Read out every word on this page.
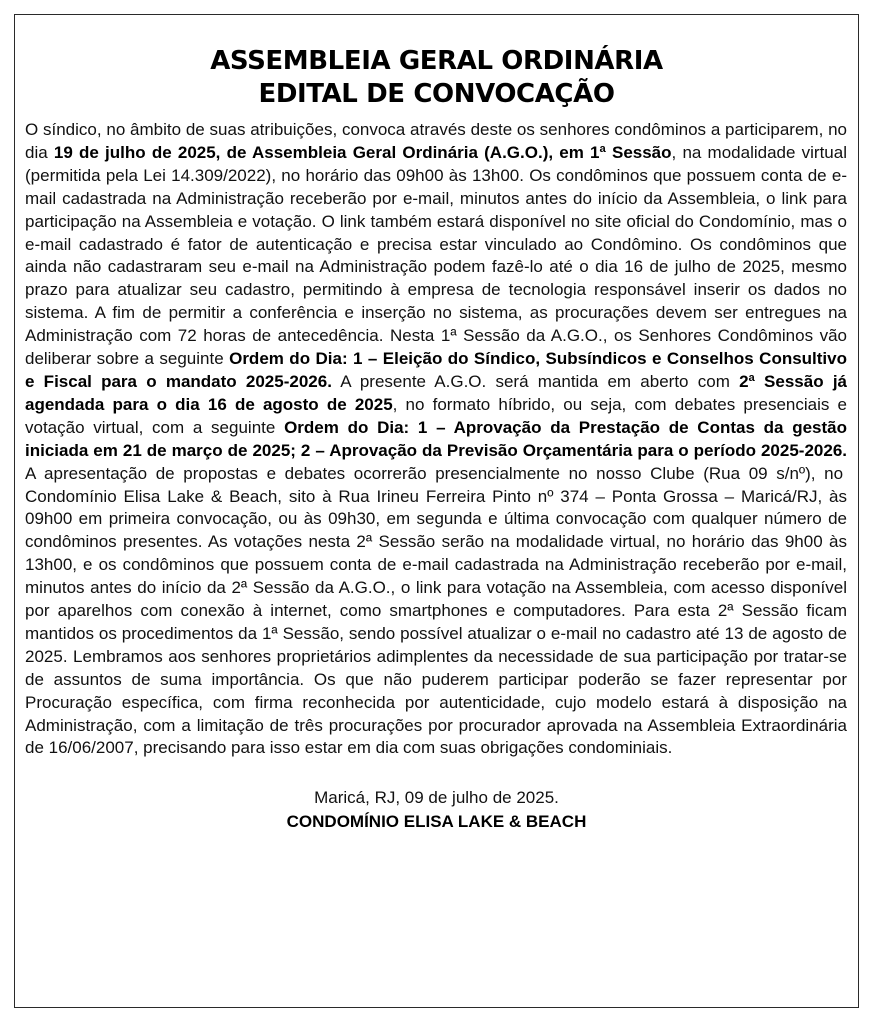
ASSEMBLEIA GERAL ORDINÁRIA
EDITAL DE CONVOCAÇÃO
O síndico, no âmbito de suas atribuições, convoca através deste os senhores condôminos a participarem, no dia 19 de julho de 2025, de Assembleia Geral Ordinária (A.G.O.), em 1ª Sessão, na modalidade virtual (permitida pela Lei 14.309/2022), no horário das 09h00 às 13h00. Os condôminos que possuem conta de e-mail cadastrada na Administração receberão por e-mail, minutos antes do início da Assembleia, o link para participação na Assembleia e votação. O link também estará disponível no site oficial do Condomínio, mas o e-mail cadastrado é fator de autenticação e precisa estar vinculado ao Condômino. Os condôminos que ainda não cadastraram seu e-mail na Administração podem fazê-lo até o dia 16 de julho de 2025, mesmo prazo para atualizar seu cadastro, permitindo à empresa de tecnologia responsável inserir os dados no sistema. A fim de permitir a conferência e inserção no sistema, as procurações devem ser entregues na Administração com 72 horas de antecedência. Nesta 1ª Sessão da A.G.O., os Senhores Condôminos vão deliberar sobre a seguinte Ordem do Dia: 1 – Eleição do Síndico, Subsíndicos e Conselhos Consultivo e Fiscal para o mandato 2025-2026. A presente A.G.O. será mantida em aberto com 2ª Sessão já agendada para o dia 16 de agosto de 2025, no formato híbrido, ou seja, com debates presenciais e votação virtual, com a seguinte Ordem do Dia: 1 – Aprovação da Prestação de Contas da gestão iniciada em 21 de março de 2025; 2 – Aprovação da Previsão Orçamentária para o período 2025-2026. A apresentação de propostas e debates ocorrerão presencialmente no nosso Clube (Rua 09 s/nº), no Condomínio Elisa Lake & Beach, sito à Rua Irineu Ferreira Pinto nº 374 – Ponta Grossa – Maricá/RJ, às 09h00 em primeira convocação, ou às 09h30, em segunda e última convocação com qualquer número de condôminos presentes. As votações nesta 2ª Sessão serão na modalidade virtual, no horário das 9h00 às 13h00, e os condôminos que possuem conta de e-mail cadastrada na Administração receberão por e-mail, minutos antes do início da 2ª Sessão da A.G.O., o link para votação na Assembleia, com acesso disponível por aparelhos com conexão à internet, como smartphones e computadores. Para esta 2ª Sessão ficam mantidos os procedimentos da 1ª Sessão, sendo possível atualizar o e-mail no cadastro até 13 de agosto de 2025. Lembramos aos senhores proprietários adimplentes da necessidade de sua participação por tratar-se de assuntos de suma importância. Os que não puderem participar poderão se fazer representar por Procuração específica, com firma reconhecida por autenticidade, cujo modelo estará à disposição na Administração, com a limitação de três procurações por procurador aprovada na Assembleia Extraordinária de 16/06/2007, precisando para isso estar em dia com suas obrigações condominiais.
Maricá, RJ, 09 de julho de 2025.
CONDOMÍNIO ELISA LAKE & BEACH
